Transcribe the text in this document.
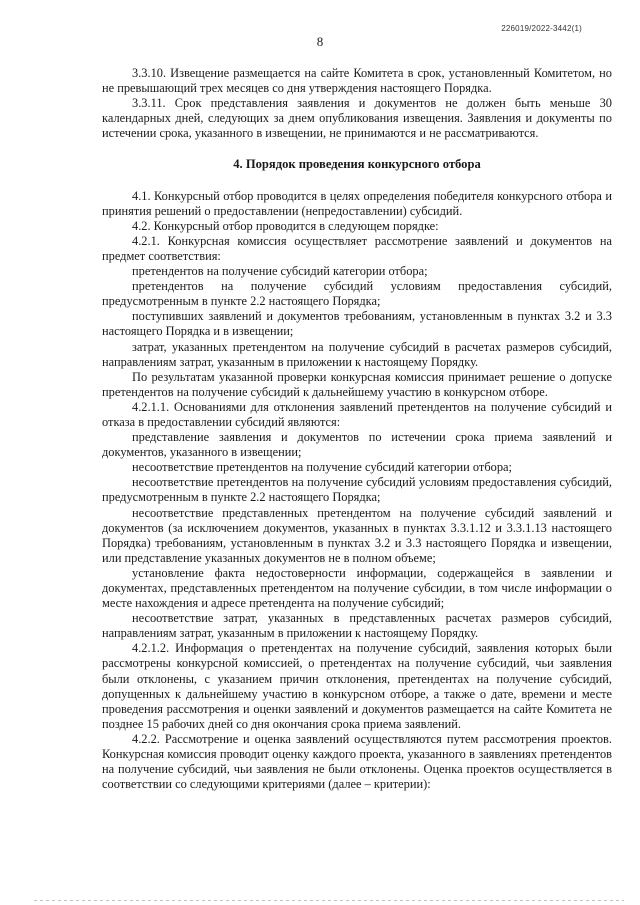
226019/2022-3442(1)
8

3.3.10. Извещение размещается на сайте Комитета в срок, установленный Комитетом, но не превышающий трех месяцев со дня утверждения настоящего Порядка.

3.3.11. Срок представления заявления и документов не должен быть меньше 30 календарных дней, следующих за днем опубликования извещения. Заявления и документы по истечении срока, указанного в извещении, не принимаются и не рассматриваются.

4. Порядок проведения конкурсного отбора

4.1. Конкурсный отбор проводится в целях определения победителя конкурсного отбора и принятия решений о предоставлении (непредоставлении) субсидий.

4.2. Конкурсный отбор проводится в следующем порядке:

4.2.1. Конкурсная комиссия осуществляет рассмотрение заявлений и документов на предмет соответствия:

претендентов на получение субсидий категории отбора;

претендентов на получение субсидий условиям предоставления субсидий, предусмотренным в пункте 2.2 настоящего Порядка;

поступивших заявлений и документов требованиям, установленным в пунктах 3.2 и 3.3 настоящего Порядка и в извещении;

затрат, указанных претендентом на получение субсидий в расчетах размеров субсидий, направлениям затрат, указанным в приложении к настоящему Порядку.

По результатам указанной проверки конкурсная комиссия принимает решение о допуске претендентов на получение субсидий к дальнейшему участию в конкурсном отборе.

4.2.1.1. Основаниями для отклонения заявлений претендентов на получение субсидий и отказа в предоставлении субсидий являются:

представление заявления и документов по истечении срока приема заявлений и документов, указанного в извещении;

несоответствие претендентов на получение субсидий категории отбора;

несоответствие претендентов на получение субсидий условиям предоставления субсидий, предусмотренным в пункте 2.2 настоящего Порядка;

несоответствие представленных претендентом на получение субсидий заявлений и документов (за исключением документов, указанных в пунктах 3.3.1.12 и 3.3.1.13 настоящего Порядка) требованиям, установленным в пунктах 3.2 и 3.3 настоящего Порядка и извещении, или представление указанных документов не в полном объеме;

установление факта недостоверности информации, содержащейся в заявлении и документах, представленных претендентом на получение субсидии, в том числе информации о месте нахождения и адресе претендента на получение субсидий;

несоответствие затрат, указанных в представленных расчетах размеров субсидий, направлениям затрат, указанным в приложении к настоящему Порядку.

4.2.1.2. Информация о претендентах на получение субсидий, заявления которых были рассмотрены конкурсной комиссией, о претендентах на получение субсидий, чьи заявления были отклонены, с указанием причин отклонения, претендентах на получение субсидий, допущенных к дальнейшему участию в конкурсном отборе, а также о дате, времени и месте проведения рассмотрения и оценки заявлений и документов размещается на сайте Комитета не позднее 15 рабочих дней со дня окончания срока приема заявлений.

4.2.2. Рассмотрение и оценка заявлений осуществляются путем рассмотрения проектов. Конкурсная комиссия проводит оценку каждого проекта, указанного в заявлениях претендентов на получение субсидий, чьи заявления не были отклонены. Оценка проектов осуществляется в соответствии со следующими критериями (далее – критерии):
